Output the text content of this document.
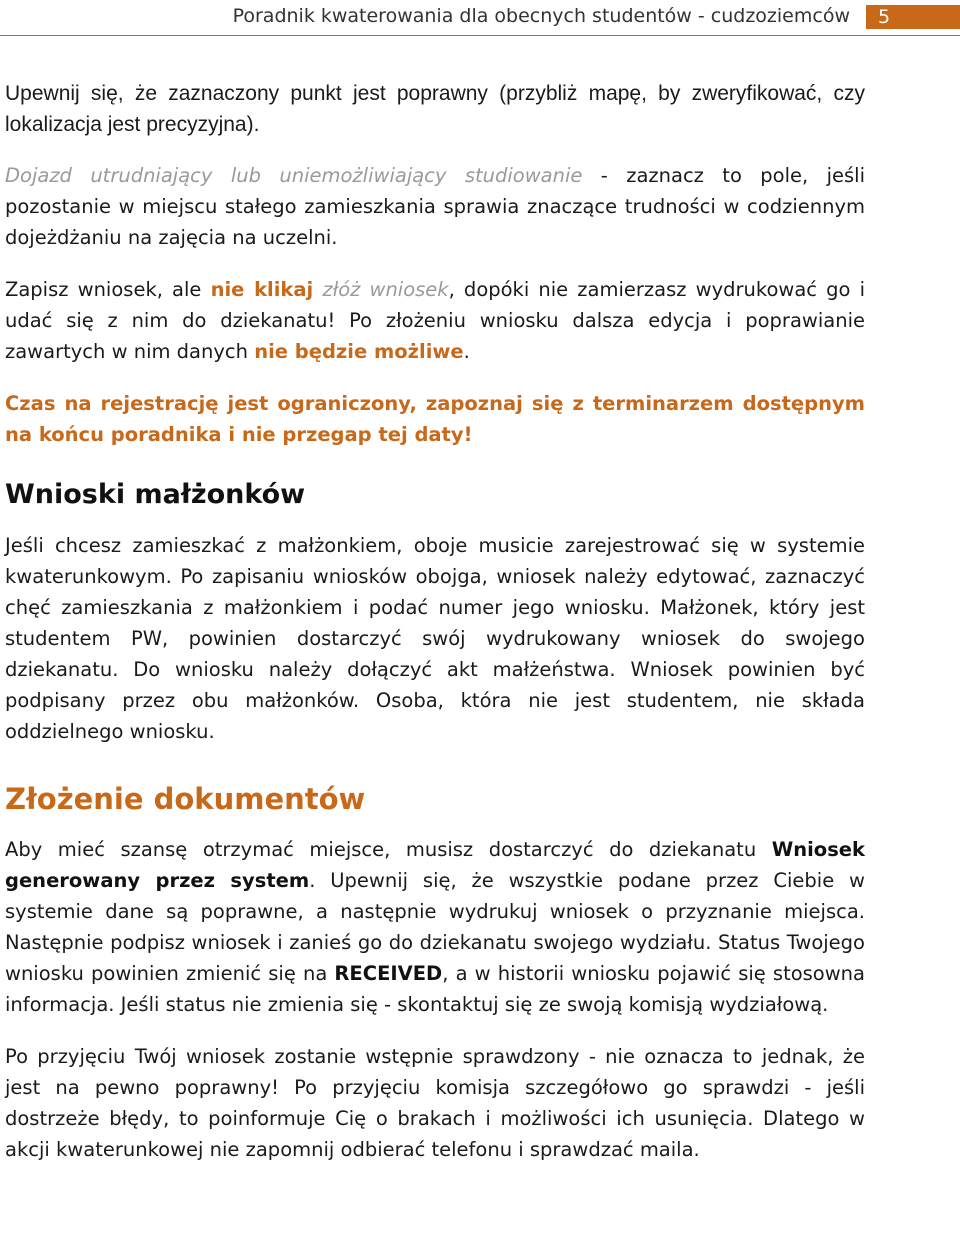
Poradnik kwaterowania dla obecnych studentów - cudzoziemców 5

Upewnij się, że zaznaczony punkt jest poprawny (przybliż mapę, by zweryfikować, czy lokalizacja jest precyzyjna).

Dojazd utrudniający lub uniemożliwiający studiowanie - zaznacz to pole, jeśli pozostanie w miejscu stałego zamieszkania sprawia znaczące trudności w codziennym dojeżdżaniu na zajęcia na uczelni.

Zapisz wniosek, ale nie klikaj złóż wniosek, dopóki nie zamierzasz wydrukować go i udać się z nim do dziekanatu! Po złożeniu wniosku dalsza edycja i poprawianie zawartych w nim danych nie będzie możliwe.

Czas na rejestrację jest ograniczony, zapoznaj się z terminarzem dostępnym na końcu poradnika i nie przegap tej daty!

Wnioski małżonków

Jeśli chcesz zamieszkać z małżonkiem, oboje musicie zarejestrować się w systemie kwaterunkowym. Po zapisaniu wniosków obojga, wniosek należy edytować, zaznaczyć chęć zamieszkania z małżonkiem i podać numer jego wniosku. Małżonek, który jest studentem PW, powinien dostarczyć swój wydrukowany wniosek do swojego dziekanatu. Do wniosku należy dołączyć akt małżeństwa. Wniosek powinien być podpisany przez obu małżonków. Osoba, która nie jest studentem, nie składa oddzielnego wniosku.

Złożenie dokumentów

Aby mieć szansę otrzymać miejsce, musisz dostarczyć do dziekanatu Wniosek generowany przez system. Upewnij się, że wszystkie podane przez Ciebie w systemie dane są poprawne, a następnie wydrukuj wniosek o przyznanie miejsca. Następnie podpisz wniosek i zanieś go do dziekanatu swojego wydziału. Status Twojego wniosku powinien zmienić się na RECEIVED, a w historii wniosku pojawić się stosowna informacja. Jeśli status nie zmienia się - skontaktuj się ze swoją komisją wydziałową.

Po przyjęciu Twój wniosek zostanie wstępnie sprawdzony - nie oznacza to jednak, że jest na pewno poprawny! Po przyjęciu komisja szczegółowo go sprawdzi - jeśli dostrzeże błędy, to poinformuje Cię o brakach i możliwości ich usunięcia. Dlatego w akcji kwaterunkowej nie zapomnij odbierać telefonu i sprawdzać maila.
